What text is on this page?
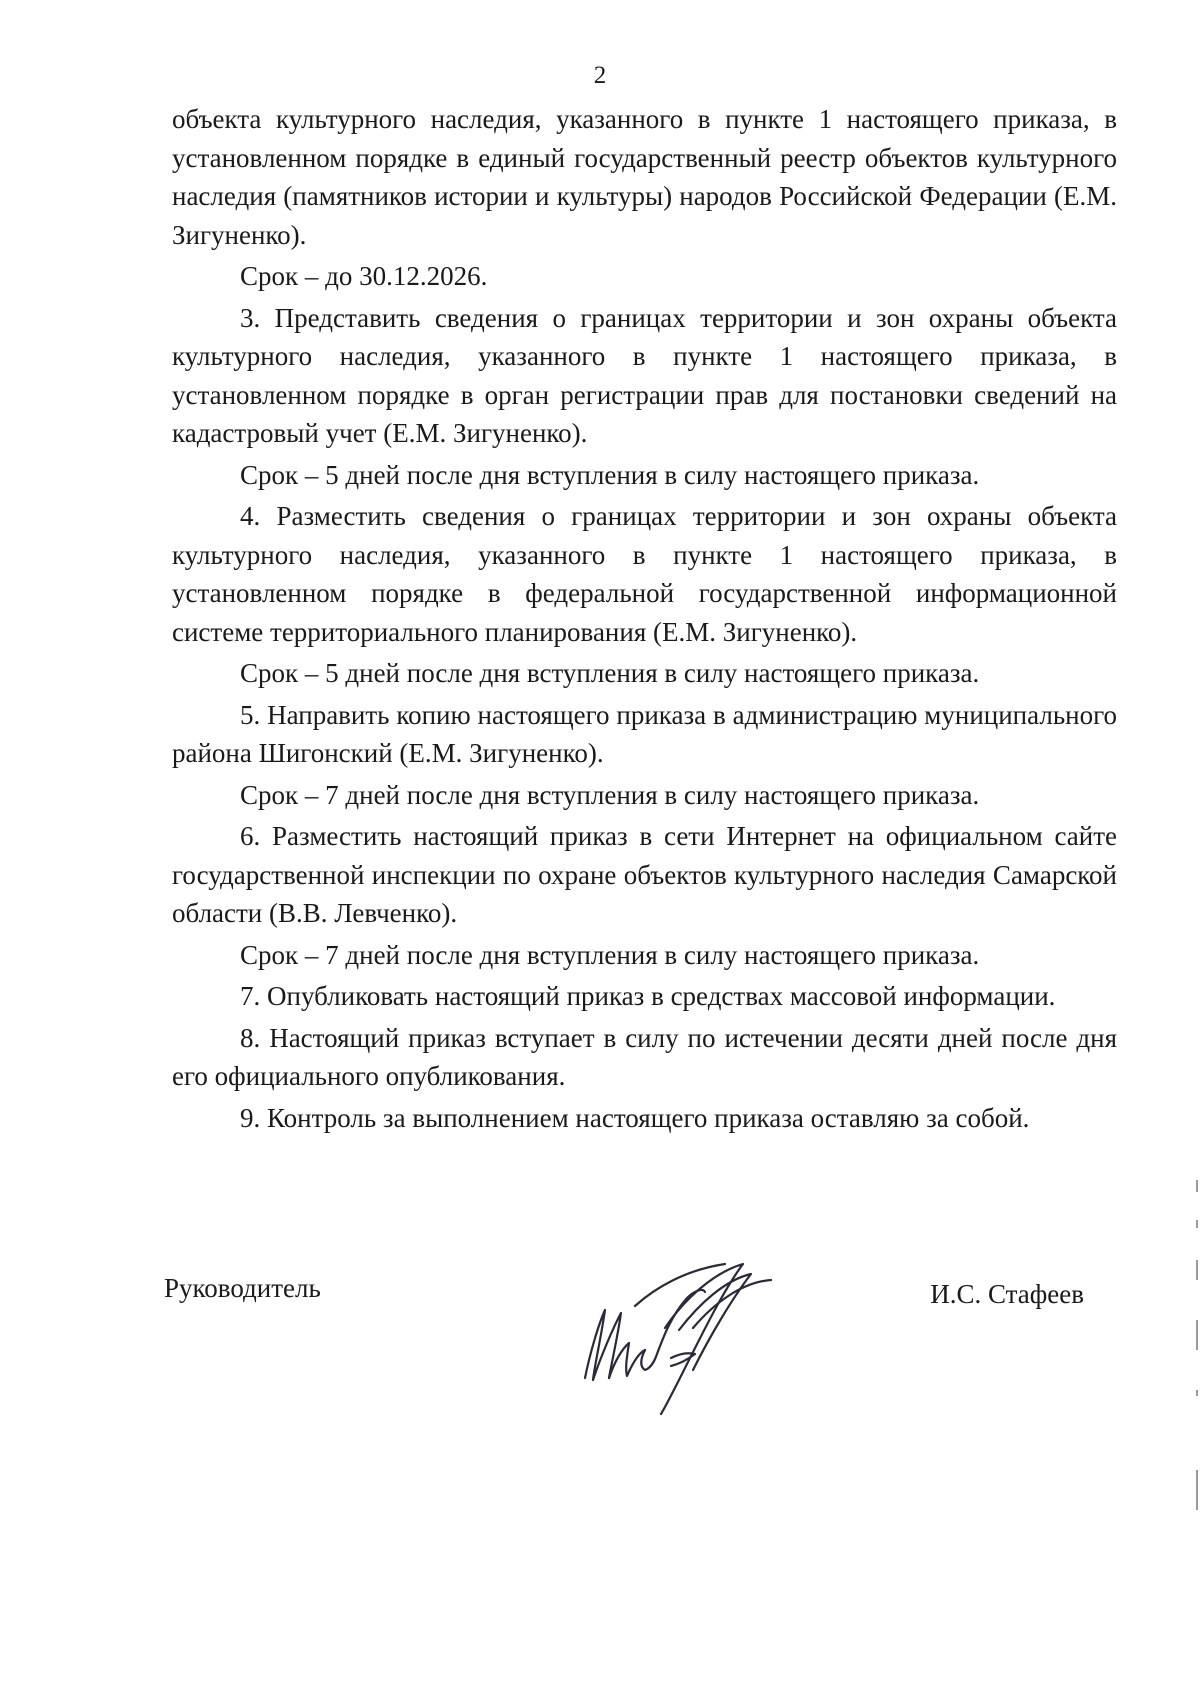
2

объекта культурного наследия, указанного в пункте 1 настоящего приказа, в установленном порядке в единый государственный реестр объектов культурного наследия (памятников истории и культуры) народов Российской Федерации (Е.М. Зигуненко).

Срок – до 30.12.2026.

3. Представить сведения о границах территории и зон охраны объекта культурного наследия, указанного в пункте 1 настоящего приказа, в установленном порядке в орган регистрации прав для постановки сведений на кадастровый учет (Е.М. Зигуненко).

Срок – 5 дней после дня вступления в силу настоящего приказа.

4. Разместить сведения о границах территории и зон охраны объекта культурного наследия, указанного в пункте 1 настоящего приказа, в установленном порядке в федеральной государственной информационной системе территориального планирования (Е.М. Зигуненко).

Срок – 5 дней после дня вступления в силу настоящего приказа.

5. Направить копию настоящего приказа в администрацию муниципального района Шигонский (Е.М. Зигуненко).

Срок – 7 дней после дня вступления в силу настоящего приказа.

6. Разместить настоящий приказ в сети Интернет на официальном сайте государственной инспекции по охране объектов культурного наследия Самарской области (В.В. Левченко).

Срок – 7 дней после дня вступления в силу настоящего приказа.

7. Опубликовать настоящий приказ в средствах массовой информации.

8. Настоящий приказ вступает в силу по истечении десяти дней после дня его официального опубликования.

9. Контроль за выполнением настоящего приказа оставляю за собой.

Руководитель	И.С. Стафеев
